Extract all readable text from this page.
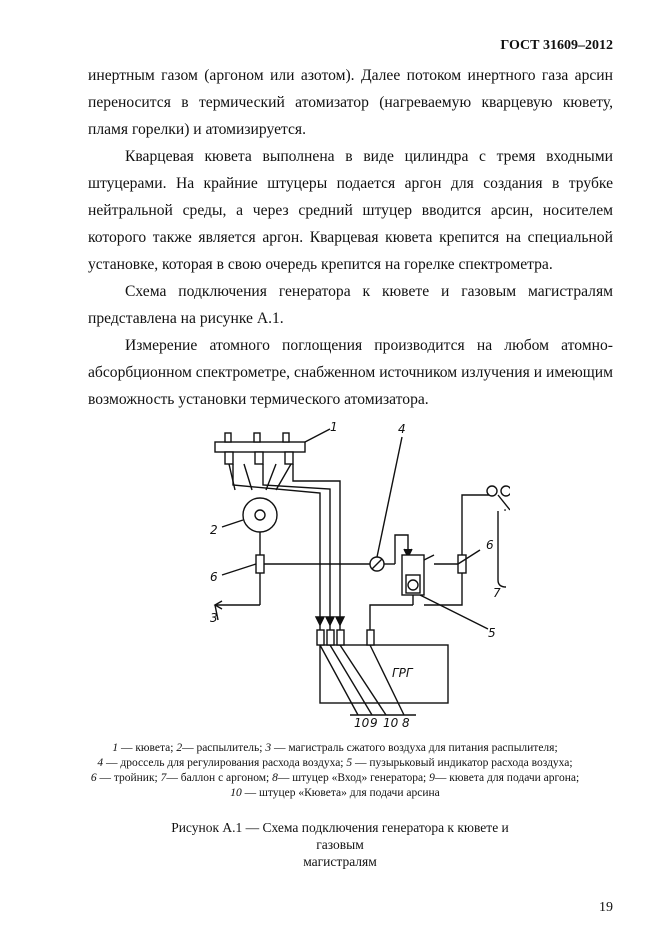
ГОСТ 31609–2012

инертным газом (аргоном или азотом). Далее потоком инертного газа арсин
переносится в термический атомизатор (нагреваемую кварцевую кювету,
пламя горелки) и атомизируется.

Кварцевая кювета выполнена в виде цилиндра с тремя входными
штуцерами. На крайние штуцеры подается аргон для создания в трубке
нейтральной среды, а через средний штуцер вводится арсин, носителем
которого также является аргон. Кварцевая кювета крепится на специальной
установке, которая в свою очередь крепится на горелке спектрометра.

Схема подключения генератора к кювете и газовым магистралям
представлена на рисунке А.1.

Измерение атомного поглощения производится на любом атомно-
абсорбционном спектрометре, снабженном источником излучения и имеющим
возможность установки термического атомизатора.

1
2
3
4
5
6
6
7
ГРГ
10 9 10 8
1 — кювета; 2— распылитель; 3 — магистраль сжатого воздуха для питания распылителя;
4 — дроссель для регулирования расхода воздуха; 5 — пузырьковый индикатор расхода воздуха;
6 — тройник; 7— баллон с аргоном; 8— штуцер «Вход» генератора; 9— кювета для подачи аргона;
10 — штуцер «Кювета» для подачи арсина
Рисунок А.1 — Схема подключения генератора к кювете и газовым
магистралям
19
